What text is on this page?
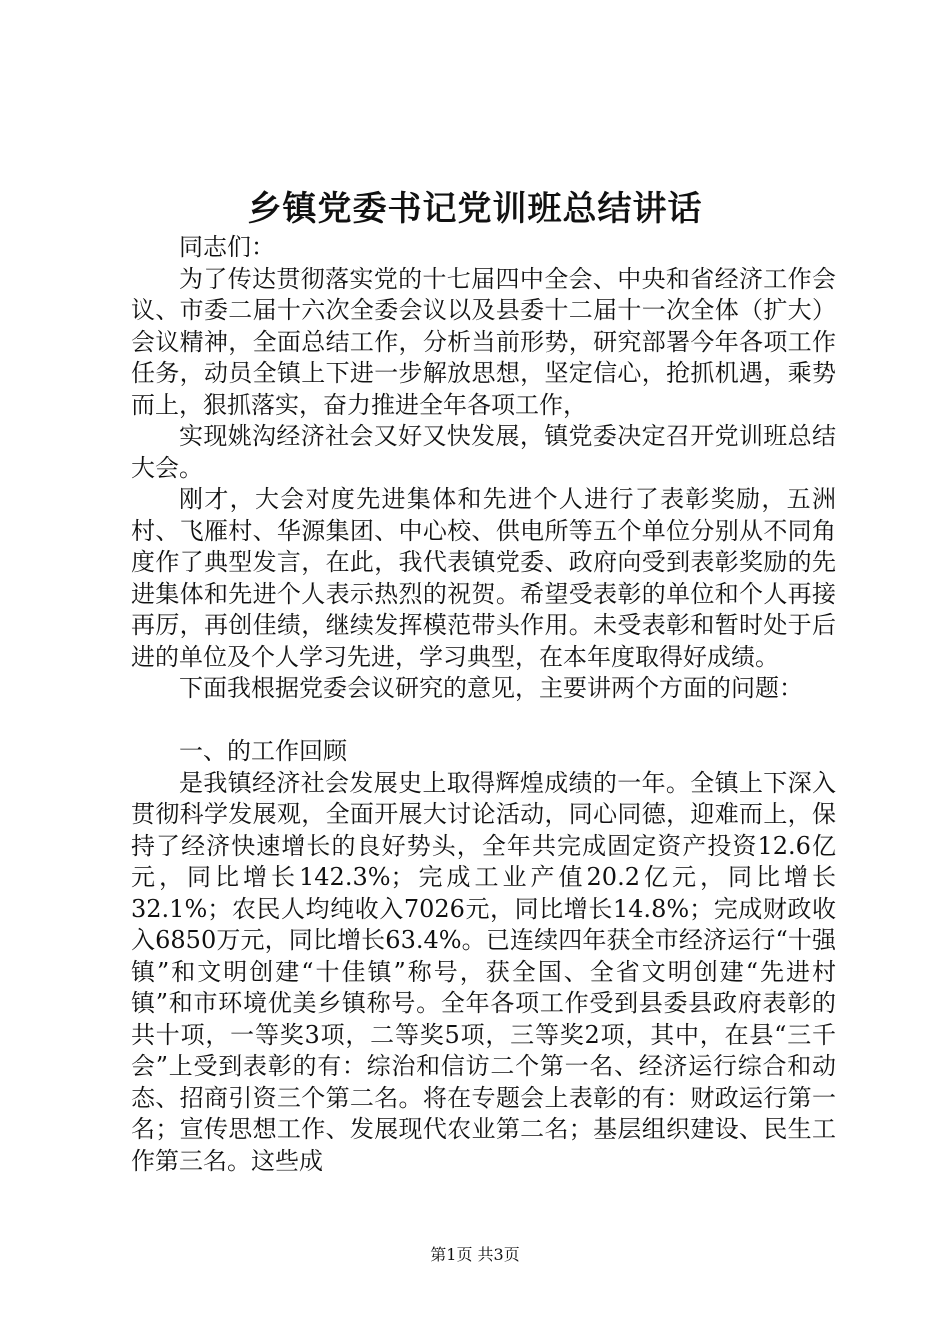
乡镇党委书记党训班总结讲话

同志们：

为了传达贯彻落实党的十七届四中全会、中央和省经济工作会议、市委二届十六次全委会议以及县委十二届十一次全体（扩大）会议精神，全面总结工作，分析当前形势，研究部署今年各项工作任务，动员全镇上下进一步解放思想，坚定信心，抢抓机遇，乘势而上，狠抓落实，奋力推进全年各项工作，

实现姚沟经济社会又好又快发展，镇党委决定召开党训班总结大会。

刚才，大会对度先进集体和先进个人进行了表彰奖励，五洲村、飞雁村、华源集团、中心校、供电所等五个单位分别从不同角度作了典型发言，在此，我代表镇党委、政府向受到表彰奖励的先进集体和先进个人表示热烈的祝贺。希望受表彰的单位和个人再接再厉，再创佳绩，继续发挥模范带头作用。未受表彰和暂时处于后进的单位及个人学习先进，学习典型，在本年度取得好成绩。

下面我根据党委会议研究的意见，主要讲两个方面的问题：

一、的工作回顾

是我镇经济社会发展史上取得辉煌成绩的一年。全镇上下深入贯彻科学发展观，全面开展大讨论活动，同心同德，迎难而上，保持了经济快速增长的良好势头，全年共完成固定资产投资12.6亿元，同比增长142.3%；完成工业产值20.2亿元，同比增长32.1%；农民人均纯收入7026元，同比增长14.8%；完成财政收入6850万元，同比增长63.4%。已连续四年获全市经济运行“十强镇”和文明创建“十佳镇”称号，获全国、全省文明创建“先进村镇”和市环境优美乡镇称号。全年各项工作受到县委县政府表彰的共十项，一等奖3项，二等奖5项，三等奖2项，其中，在县“三千会”上受到表彰的有：综治和信访二个第一名、经济运行综合和动态、招商引资三个第二名。将在专题会上表彰的有：财政运行第一名；宣传思想工作、发展现代农业第二名；基层组织建设、民生工作第三名。这些成

第1页 共3页
